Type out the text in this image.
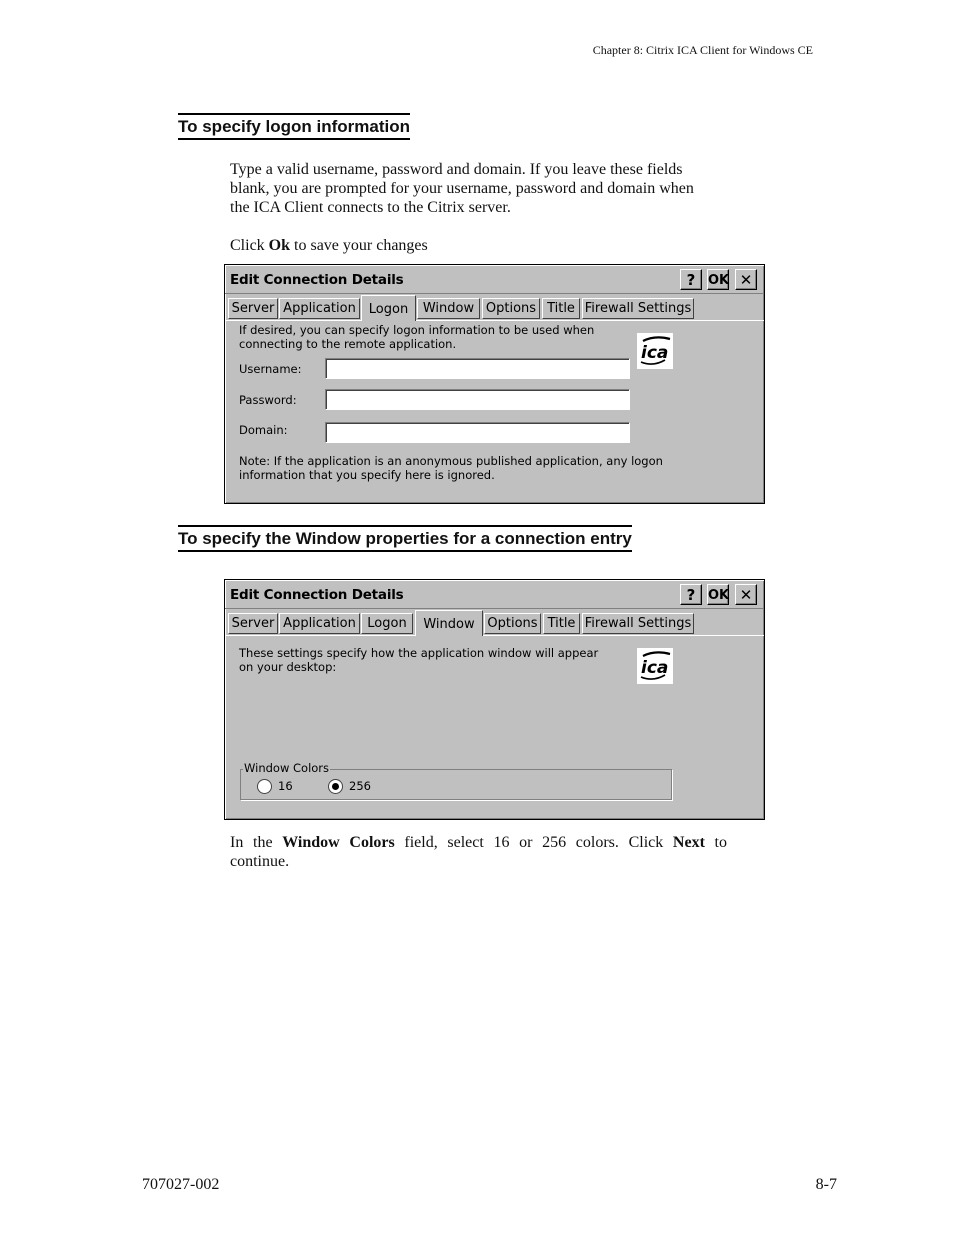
Chapter 8: Citrix ICA Client for Windows CE
To specify logon information
Type a valid username, password and domain. If you leave these fields
blank, you are prompted for your username, password and domain when
the ICA Client connects to the Citrix server.
Click Ok to save your changes
Edit Connection Details	? OK ✕
Server Application Logon	Window Options Title Firewall Settings
If desired, you can specify logon information to be used when
connecting to the remote application.	ica
Username:
Password:
Domain:
Note: If the application is an anonymous published application, any logon
information that you specify here is ignored.
To specify the Window properties for a connection entry
Edit Connection Details	? OK ✕
Server Application Logon	Window Options Title Firewall Settings
These settings specify how the application window will appear
on your desktop:	ica
Window Colors
16	256
In the Window Colors field, select 16 or 256 colors. Click Next to
continue.
707027-002	8-7
